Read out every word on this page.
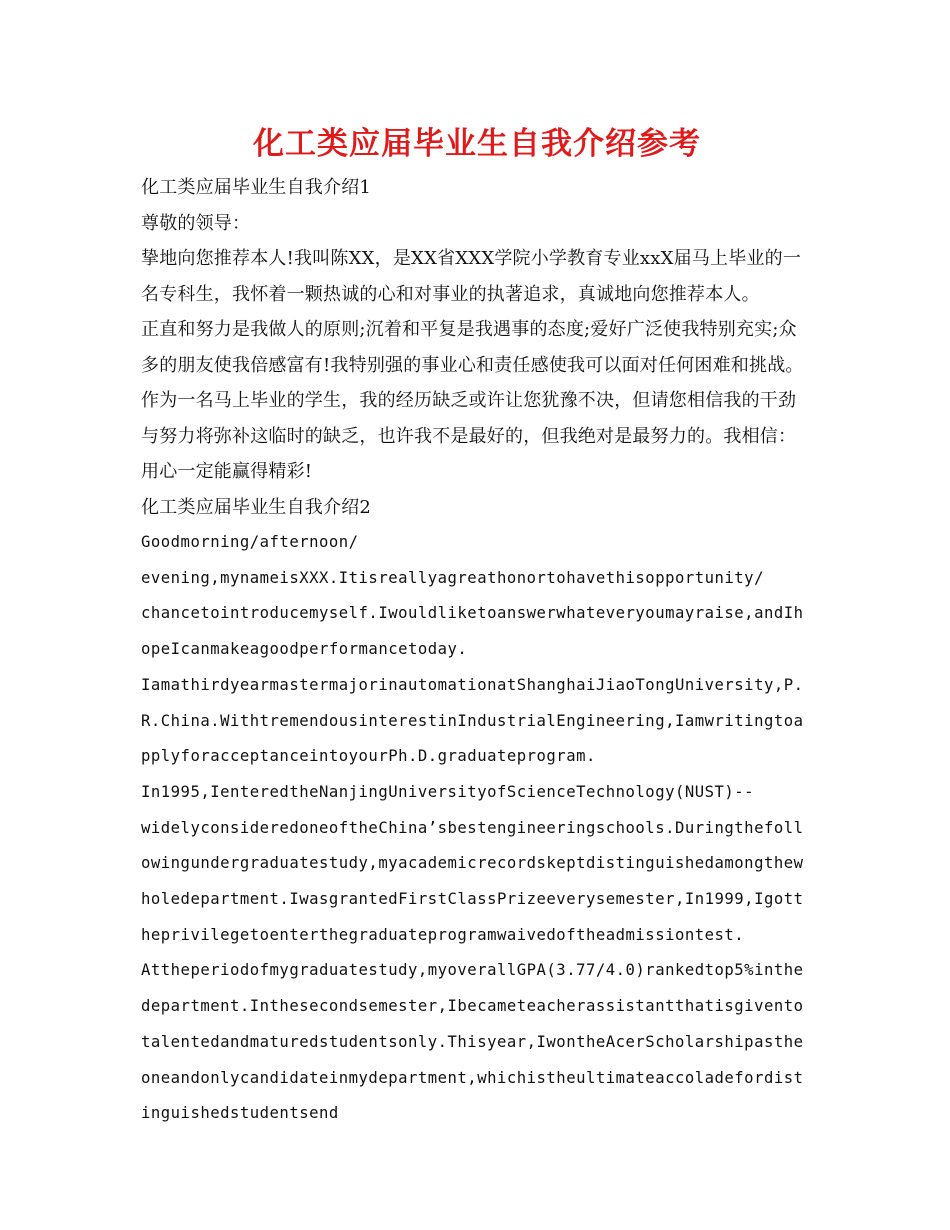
化工类应届毕业生自我介绍参考

化工类应届毕业生自我介绍1

尊敬的领导：

挚地向您推荐本人!我叫陈XX，是XX省XXX学院小学教育专业xxX届马上毕业的一名专科生，我怀着一颗热诚的心和对事业的执著追求，真诚地向您推荐本人。

正直和努力是我做人的原则;沉着和平复是我遇事的态度;爱好广泛使我特别充实;众多的朋友使我倍感富有!我特别强的事业心和责任感使我可以面对任何困难和挑战。

作为一名马上毕业的学生，我的经历缺乏或许让您犹豫不决，但请您相信我的干劲与努力将弥补这临时的缺乏，也许我不是最好的，但我绝对是最努力的。我相信：用心一定能赢得精彩!

化工类应届毕业生自我介绍2

Goodmorning/afternoon/

evening,mynameisXXX.Itisreallyagreathonortohavethisopportunity/

chancetointroducemyself.Iwouldliketoanswerwhateveryoumayraise,andIhopeIcanmakeagoodperformancetoday.

IamathirdyearmastermajorinautomationatShanghaiJiaoTongUniversity,P.R.China.WithtremendousinterestinIndustrialEngineering,IamwritingtoapplyforacceptanceintoyourPh.D.graduateprogram.

In1995,IenteredtheNanjingUniversityofScienceTechnology(NUST)--

widelyconsideredoneoftheChina’sbestengineeringschools.Duringthefollowingundergraduatestudy,myacademicrecordskeptdistinguishedamongthewholedepartment.IwasgrantedFirstClassPrizeeverysemester,In1999,Igottheprivilegetoenterthegraduateprogramwaivedoftheadmissiontest.

Attheperiodofmygraduatestudy,myoverallGPA(3.77/4.0)rankedtop5%inthedepartment.Inthesecondsemester,Ibecameteacherassistantthatisgiventotalentedandmaturedstudentsonly.Thisyear,IwontheAcerScholarshipastheoneandonlycandidateinmydepartment,whichistheultimateaccoladefordistinguishedstudentsend
